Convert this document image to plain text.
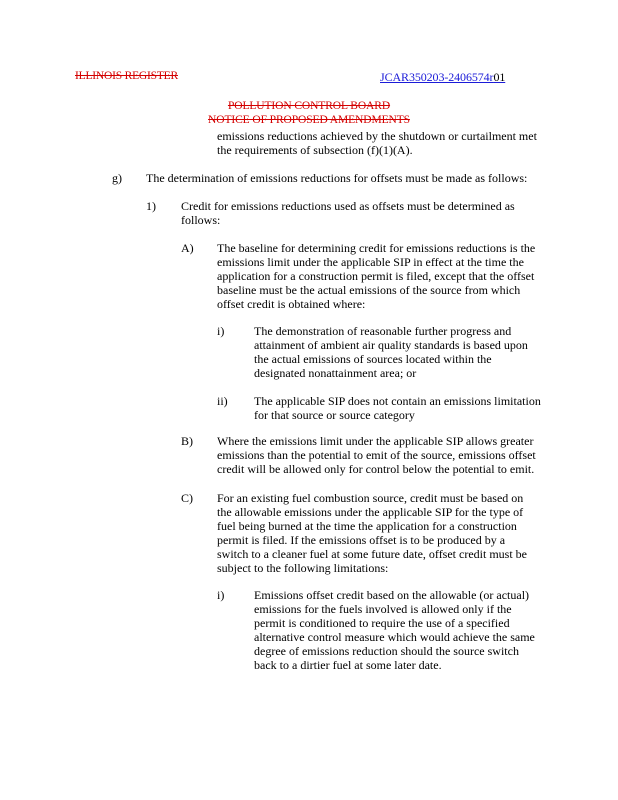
ILLINOIS REGISTER	JCAR350203-2406574r01
POLLUTION CONTROL BOARD
NOTICE OF PROPOSED AMENDMENTS
emissions reductions achieved by the shutdown or curtailment met
the requirements of subsection (f)(1)(A).
g) The determination of emissions reductions for offsets must be made as follows:
1) Credit for emissions reductions used as offsets must be determined as
follows:
A) The baseline for determining credit for emissions reductions is the
emissions limit under the applicable SIP in effect at the time the
application for a construction permit is filed, except that the offset
baseline must be the actual emissions of the source from which
offset credit is obtained where:
i) The demonstration of reasonable further progress and
attainment of ambient air quality standards is based upon
the actual emissions of sources located within the
designated nonattainment area; or
ii) The applicable SIP does not contain an emissions limitation
for that source or source category
B) Where the emissions limit under the applicable SIP allows greater
emissions than the potential to emit of the source, emissions offset
credit will be allowed only for control below the potential to emit.
C) For an existing fuel combustion source, credit must be based on
the allowable emissions under the applicable SIP for the type of
fuel being burned at the time the application for a construction
permit is filed. If the emissions offset is to be produced by a
switch to a cleaner fuel at some future date, offset credit must be
subject to the following limitations:
i) Emissions offset credit based on the allowable (or actual)
emissions for the fuels involved is allowed only if the
permit is conditioned to require the use of a specified
alternative control measure which would achieve the same
degree of emissions reduction should the source switch
back to a dirtier fuel at some later date.
